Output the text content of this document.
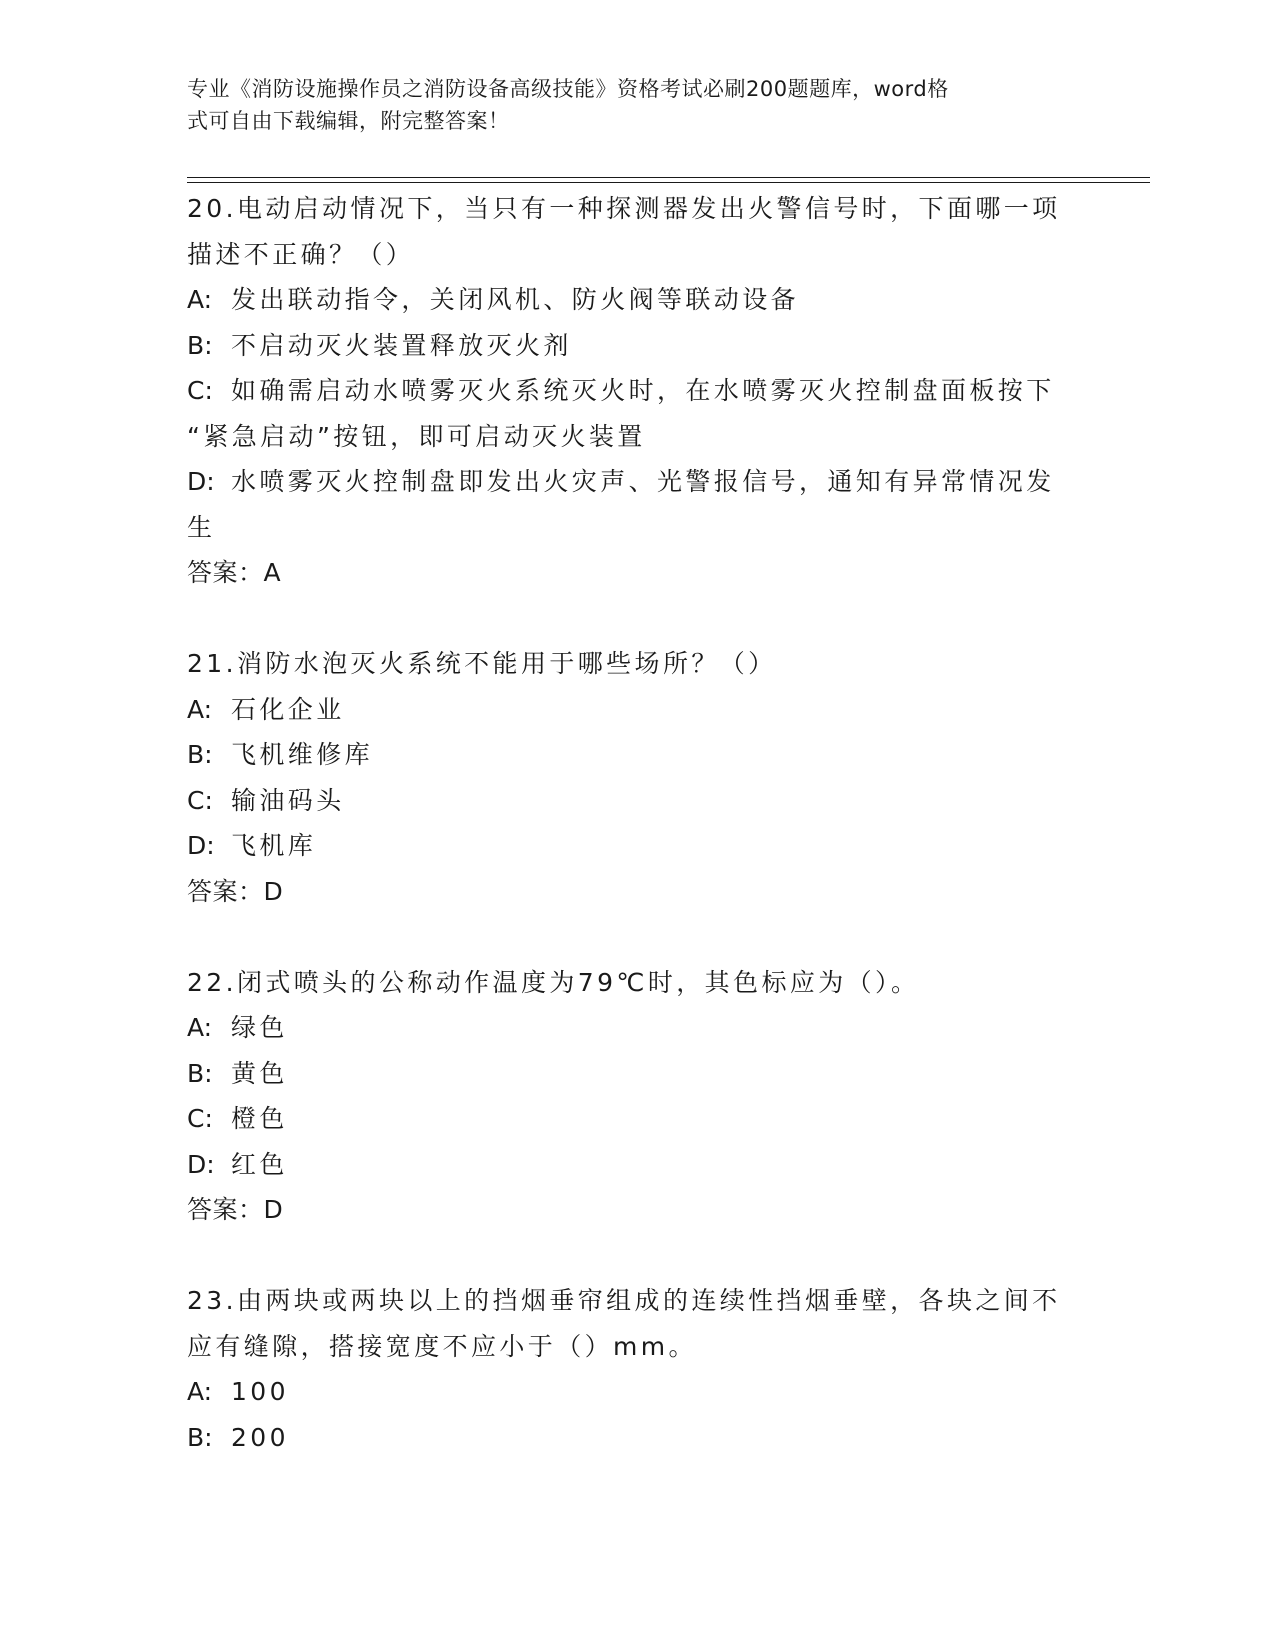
专业《消防设施操作员之消防设备高级技能》资格考试必刷200题题库，word格
式可自由下载编辑，附完整答案！

20.电动启动情况下，当只有一种探测器发出火警信号时，下面哪一项

描述不正确？（）

A: 发出联动指令，关闭风机、防火阀等联动设备

B: 不启动灭火装置释放灭火剂

C: 如确需启动水喷雾灭火系统灭火时，在水喷雾灭火控制盘面板按下

“紧急启动”按钮，即可启动灭火装置

D: 水喷雾灭火控制盘即发出火灾声、光警报信号，通知有异常情况发

生

答案：A

21.消防水泡灭火系统不能用于哪些场所？（）

A: 石化企业

B: 飞机维修库

C: 输油码头

D: 飞机库

答案：D

22.闭式喷头的公称动作温度为79℃时，其色标应为（）。

A: 绿色

B: 黄色

C: 橙色

D: 红色

答案：D

23.由两块或两块以上的挡烟垂帘组成的连续性挡烟垂壁，各块之间不

应有缝隙，搭接宽度不应小于（）mm。

A: 100

B: 200
